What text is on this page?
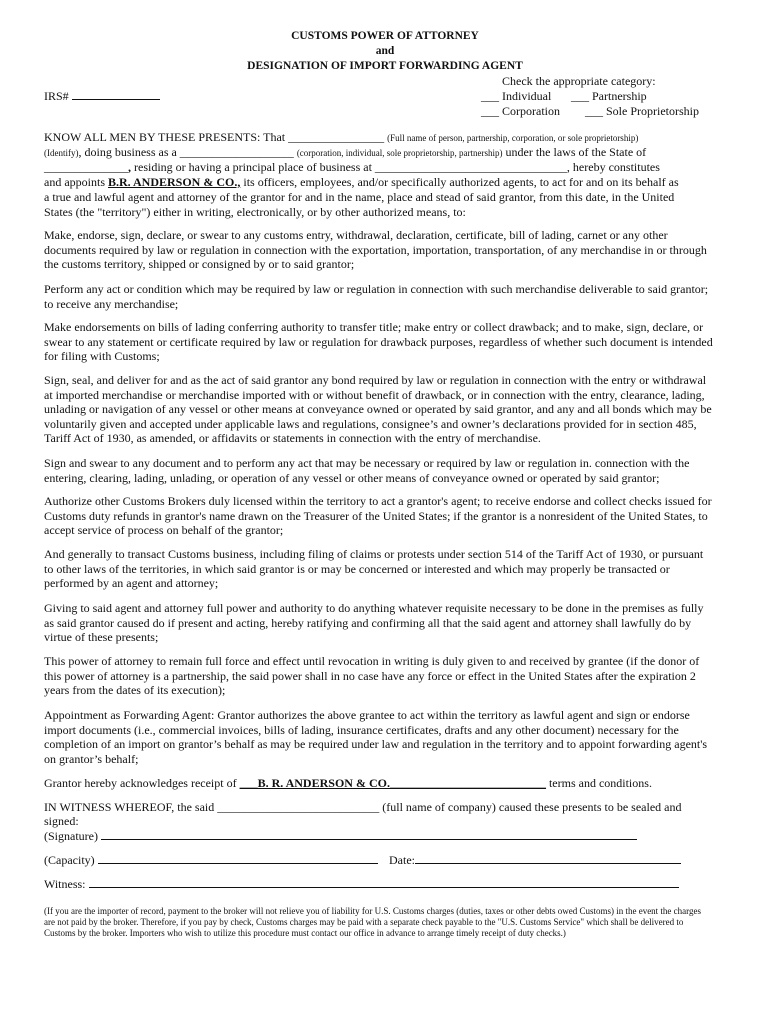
CUSTOMS POWER OF ATTORNEY
and
DESIGNATION OF IMPORT FORWARDING AGENT
Check the appropriate category:
___ Individual ___ Partnership
___ Corporation ___ Sole Proprietorship
IRS#
KNOW ALL MEN BY THESE PRESENTS: That ________________ (Full name of person, partnership, corporation, or sole proprietorship)
(Identify), doing business as a ___________________ (corporation, individual, sole proprietorship, partnership) under the laws of the State of
______________, residing or having a principal place of business at ________________________________, hereby constitutes
and appoints B.R. ANDERSON & CO., its officers, employees, and/or specifically authorized agents, to act for and on its behalf as
a true and lawful agent and attorney of the grantor for and in the name, place and stead of said grantor, from this date, in the United
States (the "territory") either in writing, electronically, or by other authorized means, to:
Make, endorse, sign, declare, or swear to any customs entry, withdrawal, declaration, certificate, bill of lading, carnet or any other documents required by law or regulation in connection with the exportation, importation, transportation, of any merchandise in or through the customs territory, shipped or consigned by or to said grantor;
Perform any act or condition which may be required by law or regulation in connection with such merchandise deliverable to said grantor; to receive any merchandise;
Make endorsements on bills of lading conferring authority to transfer title; make entry or collect drawback; and to make, sign, declare, or swear to any statement or certificate required by law or regulation for drawback purposes, regardless of whether such document is intended for filing with Customs;
Sign, seal, and deliver for and as the act of said grantor any bond required by law or regulation in connection with the entry or withdrawal at imported merchandise or merchandise imported with or without benefit of drawback, or in connection with the entry, clearance, lading, unlading or navigation of any vessel or other means at conveyance owned or operated by said grantor, and any and all bonds which may be voluntarily given and accepted under applicable laws and regulations, consignee’s and owner’s declarations provided for in section 485, Tariff Act of 1930, as amended, or affidavits or statements in connection with the entry of merchandise.
Sign and swear to any document and to perform any act that may be necessary or required by law or regulation in. connection with the entering, clearing, lading, unlading, or operation of any vessel or other means of conveyance owned or operated by said grantor;
Authorize other Customs Brokers duly licensed within the territory to act a grantor's agent; to receive endorse and collect checks issued for Customs duty refunds in grantor's name drawn on the Treasurer of the United States; if the grantor is a nonresident of the United States, to accept service of process on behalf of the grantor;
And generally to transact Customs business, including filing of claims or protests under section 514 of the Tariff Act of 1930, or pursuant to other laws of the territories, in which said grantor is or may be concerned or interested and which may properly be transacted or performed by an agent and attorney;
Giving to said agent and attorney full power and authority to do anything whatever requisite necessary to be done in the premises as fully as said grantor caused do if present and acting, hereby ratifying and confirming all that the said agent and attorney shall lawfully do by virtue of these presents;
This power of attorney to remain full force and effect until revocation in writing is duly given to and received by grantee (if the donor of this power of attorney is a partnership, the said power shall in no case have any force or effect in the United States after the expiration 2 years from the dates of its execution);
Appointment as Forwarding Agent: Grantor authorizes the above grantee to act within the territory as lawful agent and sign or endorse import documents (i.e., commercial invoices, bills of lading, insurance certificates, drafts and any other document) necessary for the completion of an import on grantor’s behalf as may be required under law and regulation in the territory and to appoint forwarding agent's on grantor’s behalf;
Grantor hereby acknowledges receipt of ___B. R. ANDERSON & CO.__________________________ terms and conditions.
IN WITNESS WHEREOF, the said ___________________________ (full name of company) caused these presents to be sealed and
signed:
(Signature)
(Capacity)	Date:
Witness:
(If you are the importer of record, payment to the broker will not relieve you of liability for U.S. Customs charges (duties, taxes or other debts owed Customs) in the event the charges are not paid by the broker. Therefore, if you pay by check, Customs charges may be paid with a separate check payable to the "U.S. Customs Service" which shall be delivered to Customs by the broker. Importers who wish to utilize this procedure must contact our office in advance to arrange timely receipt of duty checks.)
